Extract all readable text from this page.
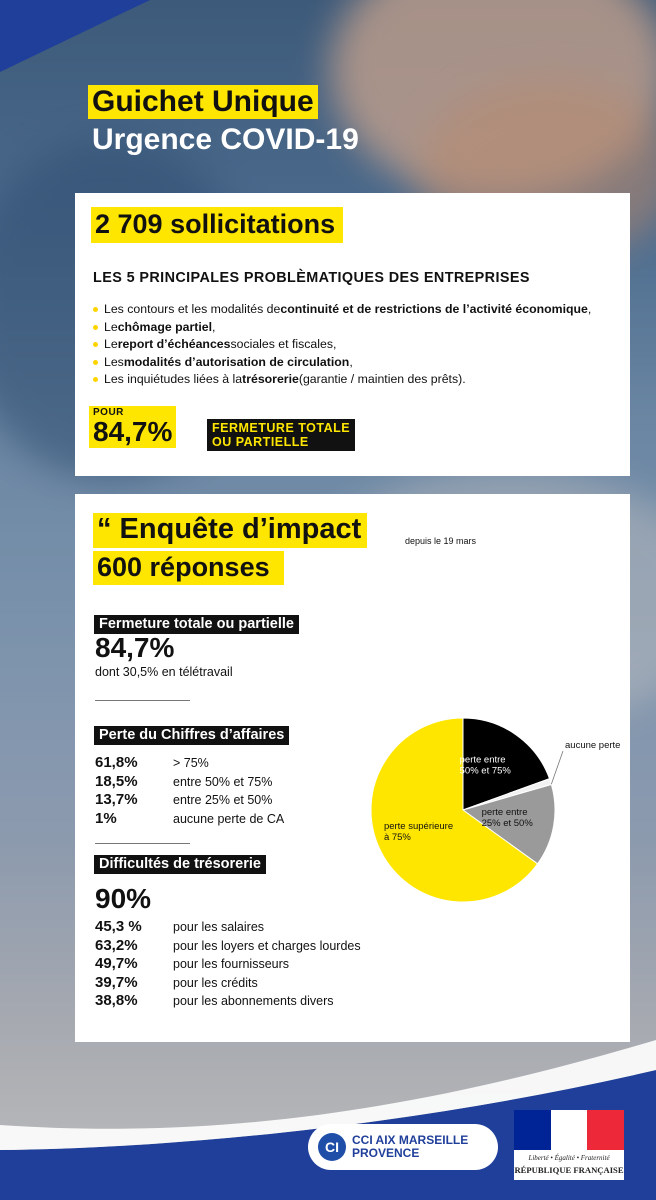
Guichet Unique
Urgence COVID-19
2 709 sollicitations
LES 5 PRINCIPALES PROBLÈMATIQUES DES ENTREPRISES
Les contours et les modalités de continuité et de restrictions de l’activité économique ,
Le chômage partiel ,
Le report d’échéances sociales et fiscales,
Les modalités d’autorisation de circulation ,
Les inquiétudes liées à la trésorerie (garantie / maintien des prêts).
POUR
84,7%	FERMETURE TOTALE
OU PARTIELLE
“ Enquête d’impact	depuis le 19 mars
600 réponses
Fermeture totale ou partielle
84,7%
dont 30,5% en télétravail
Perte du Chiffres d’affaires
61,8%	> 75%
18,5%	entre 50% et 75%
13,7%	entre 25% et 50%
1%	aucune perte de CA
Difficultés de trésorerie
90%
45,3 %	pour les salaires
63,2%	pour les loyers et charges lourdes
49,7%	pour les fournisseurs
39,7%	pour les crédits
38,8%	pour les abonnements divers
perte entre 50% et 75%
aucune perte
perte entre 25% et 50%
perte supérieure à 75%
CI	CCI AIX MARSEILLE
PROVENCE	Liberté • Égalité • Fraternité
RÉPUBLIQUE FRANÇAISE
